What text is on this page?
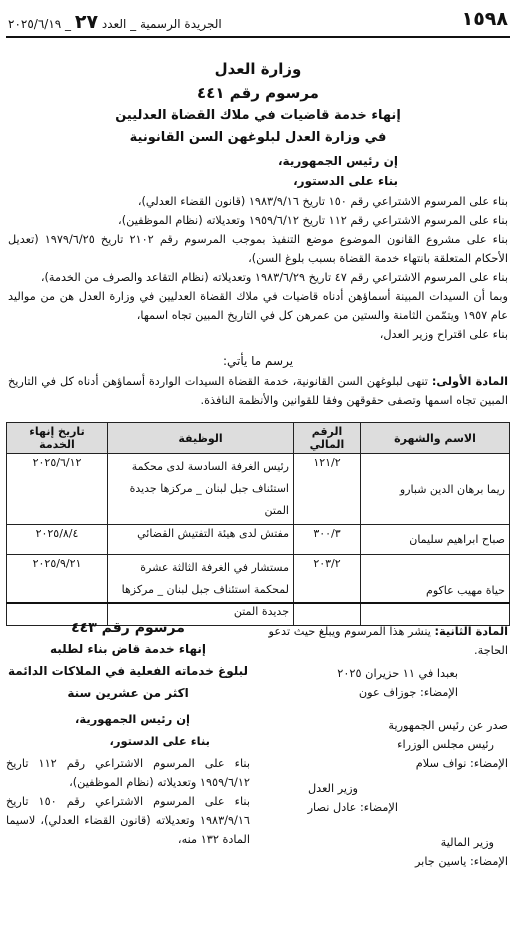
١٥٩٨
الجريدة الرسمية _ العدد ٢٧ _ ٢٠٢٥/٦/١٩
وزارة العدل
مرسوم رقم ٤٤١
إنهاء خدمة قاضيات في ملاك القضاة العدليين
في وزارة العدل لبلوغهن السن القانونية
إن رئيس الجمهورية،
بناء على الدستور،
بناء على المرسوم الاشتراعي رقم ١٥٠ تاريخ ١٩٨٣/٩/١٦ (قانون القضاء العدلي)،
بناء على المرسوم الاشتراعي رقم ١١٢ تاريخ ١٩٥٩/٦/١٢ وتعديلاته (نظام الموظفين)،
بناء على مشروع القانون الموضوع موضع التنفيذ بموجب المرسوم رقم ٢١٠٢ تاريخ ١٩٧٩/٦/٢٥ (تعديل الأحكام المتعلقة بانتهاء خدمة القضاة بسبب بلوغ السن)،
بناء على المرسوم الاشتراعي رقم ٤٧ تاريخ ١٩٨٣/٦/٢٩ وتعديلاته (نظام التقاعد والصرف من الخدمة)،
وبما أن السيدات المبينة أسماؤهن أدناه قاضيات في ملاك القضاة العدليين في وزارة العدل هن من مواليد عام ١٩٥٧ ويتمّمن الثامنة والستين من عمرهن كل في التاريخ المبين تجاه اسمها،
بناء على اقتراح وزير العدل،
يرسم ما يأتي:
المادة الأولى: تنهى لبلوغهن السن القانونية، خدمة القضاة السيدات الواردة أسماؤهن أدناه كل في التاريخ المبين تجاه اسمها وتصفى حقوقهن وفقا للقوانين والأنظمة النافذة.
الاسم والشهرة	الرقم المالي	الوظيفة	تاريخ إنهاء الخدمة
ريما برهان الدين شبارو	١٢١/٢	رئيس الغرفة السادسة لدى محكمة استئناف جبل لبنان _ مركزها جديدة المتن	٢٠٢٥/٦/١٢
صباح ابراهيم سليمان	٣٠٠/٣	مفتش لدى هيئة التفتيش القضائي	٢٠٢٥/٨/٤
حياة مهيب عاكوم	٢٠٣/٢	مستشار في الغرفة الثالثة عشرة لمحكمة استئناف جبل لبنان _ مركزها جديدة المتن	٢٠٢٥/٩/٢١
المادة الثانية: ينشر هذا المرسوم ويبلغ حيث تدعو الحاجة.
بعبدا في ١١ حزيران ٢٠٢٥
الإمضاء: جوزاف عون
صدر عن رئيس الجمهورية
رئيس مجلس الوزراء
الإمضاء: نواف سلام
وزير العدل
الإمضاء: عادل نصار
وزير المالية
الإمضاء: ياسين جابر
مرسوم رقم ٤٤٣
إنهاء خدمة قاض بناء لطلبه
لبلوغ خدماته الفعلية في الملاكات الدائمة
اكثر من عشرين سنة
إن رئيس الجمهورية،
بناء على الدستور،
بناء على المرسوم الاشتراعي رقم ١١٢ تاريخ ١٩٥٩/٦/١٢ وتعديلاته (نظام الموظفين)،
بناء على المرسوم الاشتراعي رقم ١٥٠ تاريخ ١٩٨٣/٩/١٦ وتعديلاته (قانون القضاء العدلي)، لاسيما المادة ١٣٢ منه،
